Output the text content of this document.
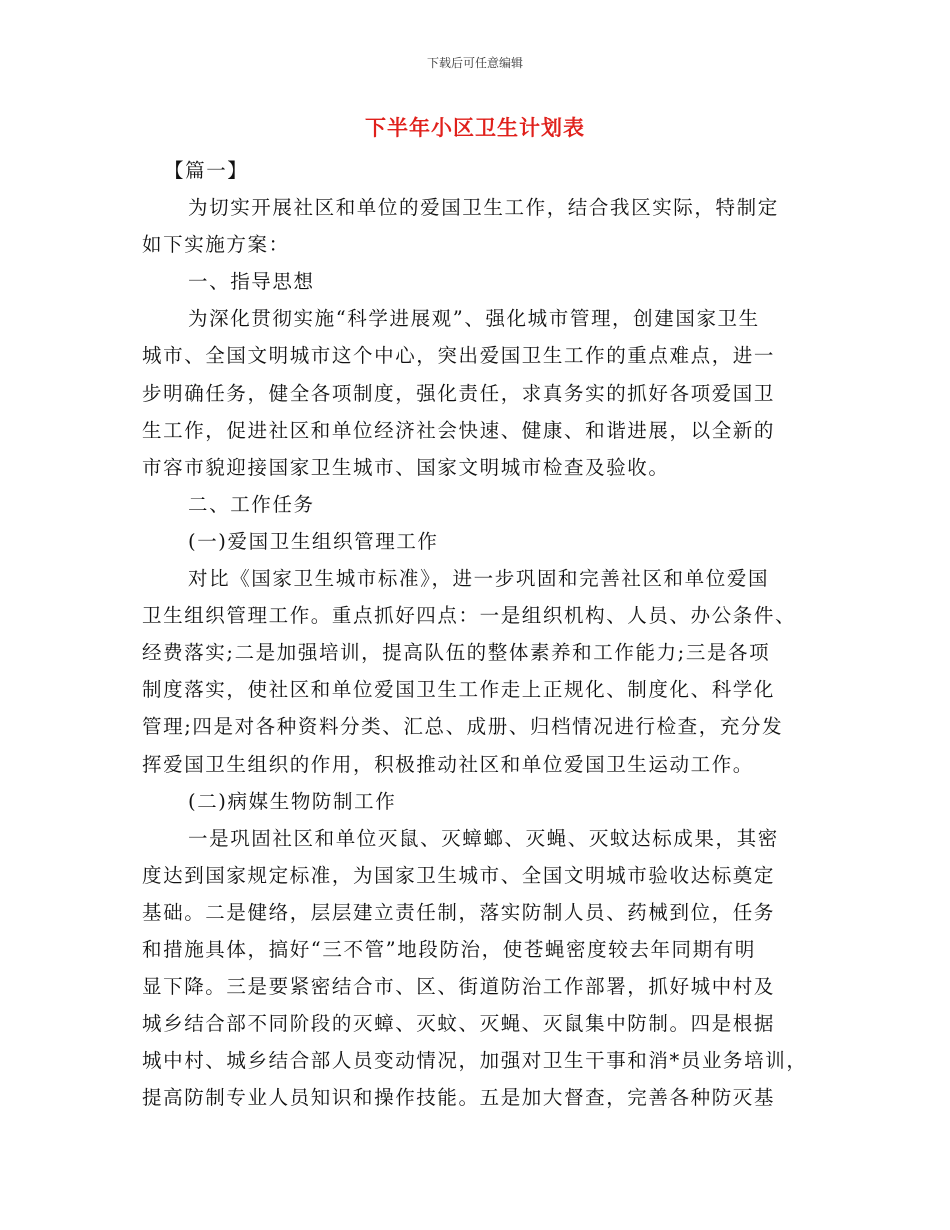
下载后可任意编辑
下半年小区卫生计划表
【篇一】
为切实开展社区和单位的爱国卫生工作，结合我区实际，特制定
如下实施方案：
一、指导思想
为深化贯彻实施“科学进展观”、强化城市管理，创建国家卫生
城市、全国文明城市这个中心，突出爱国卫生工作的重点难点，进一
步明确任务，健全各项制度，强化责任，求真务实的抓好各项爱国卫
生工作，促进社区和单位经济社会快速、健康、和谐进展，以全新的
市容市貌迎接国家卫生城市、国家文明城市检查及验收。
二、工作任务
(一)爱国卫生组织管理工作
对比《国家卫生城市标准》，进一步巩固和完善社区和单位爱国
卫生组织管理工作。重点抓好四点：一是组织机构、人员、办公条件、
经费落实;二是加强培训，提高队伍的整体素养和工作能力;三是各项
制度落实，使社区和单位爱国卫生工作走上正规化、制度化、科学化
管理;四是对各种资料分类、汇总、成册、归档情况进行检查，充分发
挥爱国卫生组织的作用，积极推动社区和单位爱国卫生运动工作。
(二)病媒生物防制工作
一是巩固社区和单位灭鼠、灭蟑螂、灭蝇、灭蚊达标成果，其密
度达到国家规定标准，为国家卫生城市、全国文明城市验收达标奠定
基础。二是健络，层层建立责任制，落实防制人员、药械到位，任务
和措施具体，搞好“三不管”地段防治，使苍蝇密度较去年同期有明
显下降。三是要紧密结合市、区、街道防治工作部署，抓好城中村及
城乡结合部不同阶段的灭蟑、灭蚊、灭蝇、灭鼠集中防制。四是根据
城中村、城乡结合部人员变动情况，加强对卫生干事和消*员业务培训，
提高防制专业人员知识和操作技能。五是加大督查，完善各种防灭基
